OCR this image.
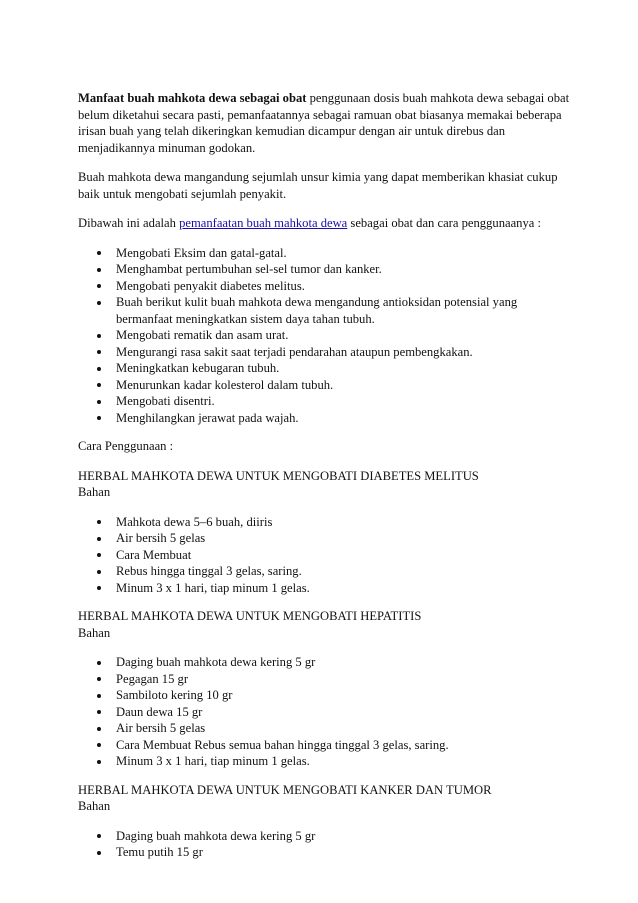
Manfaat buah mahkota dewa sebagai obat penggunaan dosis buah mahkota dewa sebagai obat belum diketahui secara pasti, pemanfaatannya sebagai ramuan obat biasanya memakai beberapa irisan buah yang telah dikeringkan kemudian dicampur dengan air untuk direbus dan menjadikannya minuman godokan.

Buah mahkota dewa mangandung sejumlah unsur kimia yang dapat memberikan khasiat cukup baik untuk mengobati sejumlah penyakit.

Dibawah ini adalah pemanfaatan buah mahkota dewa sebagai obat dan cara penggunaanya :

Mengobati Eksim dan gatal-gatal.
Menghambat pertumbuhan sel-sel tumor dan kanker.
Mengobati penyakit diabetes melitus.
Buah berikut kulit buah mahkota dewa mengandung antioksidan potensial yang bermanfaat meningkatkan sistem daya tahan tubuh.
Mengobati rematik dan asam urat.
Mengurangi rasa sakit saat terjadi pendarahan ataupun pembengkakan.
Meningkatkan kebugaran tubuh.
Menurunkan kadar kolesterol dalam tubuh.
Mengobati disentri.
Menghilangkan jerawat pada wajah.

Cara Penggunaan :

HERBAL MAHKOTA DEWA UNTUK MENGOBATI DIABETES MELITUS

Bahan

Mahkota dewa 5–6 buah, diiris
Air bersih 5 gelas
Cara Membuat
Rebus hingga tinggal 3 gelas, saring.
Minum 3 x 1 hari, tiap minum 1 gelas.

HERBAL MAHKOTA DEWA UNTUK MENGOBATI HEPATITIS

Bahan

Daging buah mahkota dewa kering 5 gr
Pegagan 15 gr
Sambiloto kering 10 gr
Daun dewa 15 gr
Air bersih 5 gelas
Cara Membuat Rebus semua bahan hingga tinggal 3 gelas, saring.
Minum 3 x 1 hari, tiap minum 1 gelas.

HERBAL MAHKOTA DEWA UNTUK MENGOBATI KANKER DAN TUMOR

Bahan

Daging buah mahkota dewa kering 5 gr
Temu putih 15 gr
